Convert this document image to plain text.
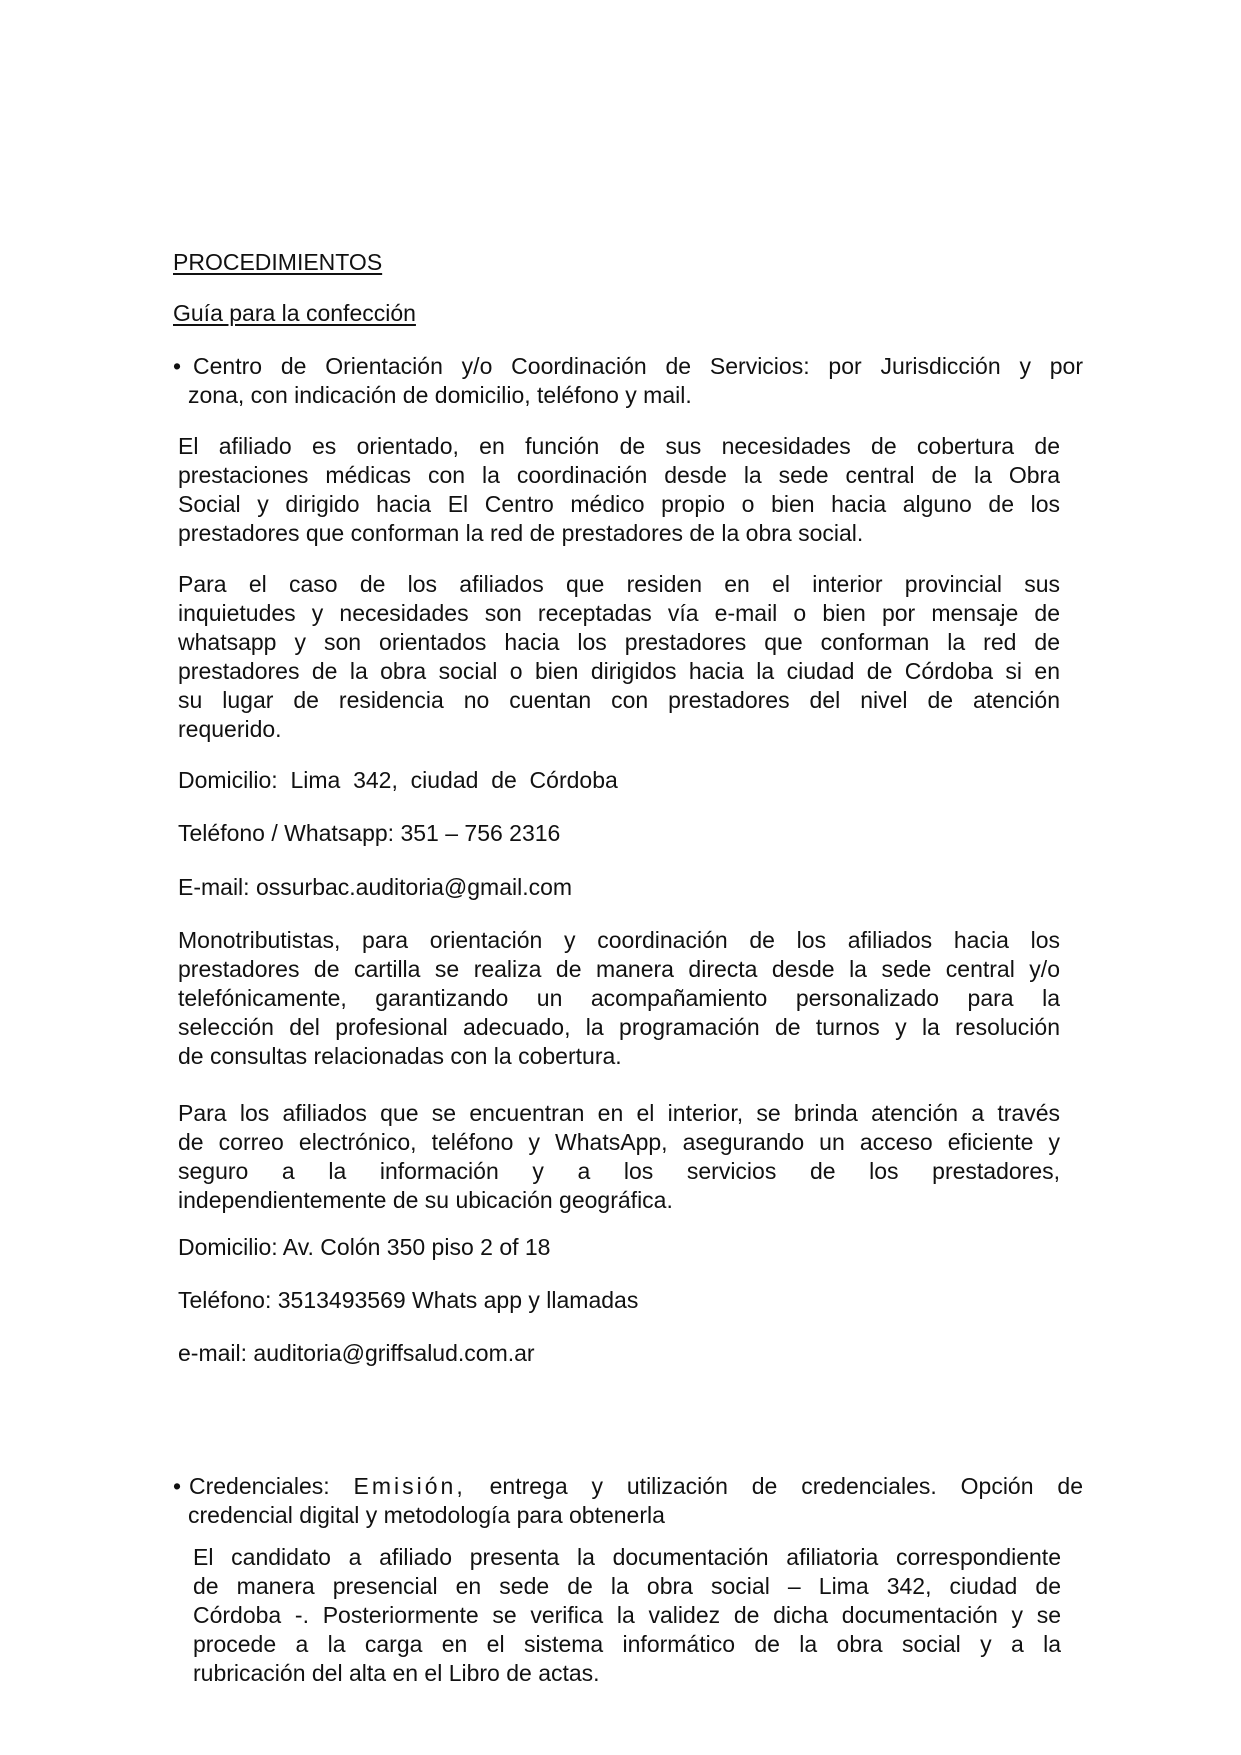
PROCEDIMIENTOS
Guía para la confección
• Centro de Orientación y/o Coordinación de Servicios: por Jurisdicción y por
zona, con indicación de domicilio, teléfono y mail.
El afiliado es orientado, en función de sus necesidades de cobertura de
prestaciones médicas con la coordinación desde la sede central de la Obra
Social y dirigido hacia El Centro médico propio o bien hacia alguno de los
prestadores que conforman la red de prestadores de la obra social.
Para el caso de los afiliados que residen en el interior provincial sus
inquietudes y necesidades son receptadas vía e-mail o bien por mensaje de
whatsapp y son orientados hacia los prestadores que conforman la red de
prestadores de la obra social o bien dirigidos hacia la ciudad de Córdoba si en
su lugar de residencia no cuentan con prestadores del nivel de atención
requerido.
Domicilio:  Lima  342,  ciudad  de  Córdoba
Teléfono / Whatsapp: 351 – 756 2316
E-mail: ossurbac.auditoria@gmail.com
Monotributistas, para orientación y coordinación de los afiliados hacia los
prestadores de cartilla se realiza de manera directa desde la sede central y/o
telefónicamente, garantizando un acompañamiento personalizado para la
selección del profesional adecuado, la programación de turnos y la resolución
de consultas relacionadas con la cobertura.
Para los afiliados que se encuentran en el interior, se brinda atención a través
de correo electrónico, teléfono y WhatsApp, asegurando un acceso eficiente y
seguro a la información y a los servicios de los prestadores,
independientemente de su ubicación geográfica.
Domicilio: Av. Colón 350 piso 2 of 18
Teléfono: 3513493569 Whats app y llamadas
e-mail: auditoria@griffsalud.com.ar
• Credenciales: Emisión, entrega y utilización de credenciales. Opción de
credencial digital y metodología para obtenerla
El candidato a afiliado presenta la documentación afiliatoria correspondiente
de manera presencial en sede de la obra social – Lima 342, ciudad de
Córdoba -. Posteriormente se verifica la validez de dicha documentación y se
procede a la carga en el sistema informático de la obra social y a la
rubricación del alta en el Libro de actas.
